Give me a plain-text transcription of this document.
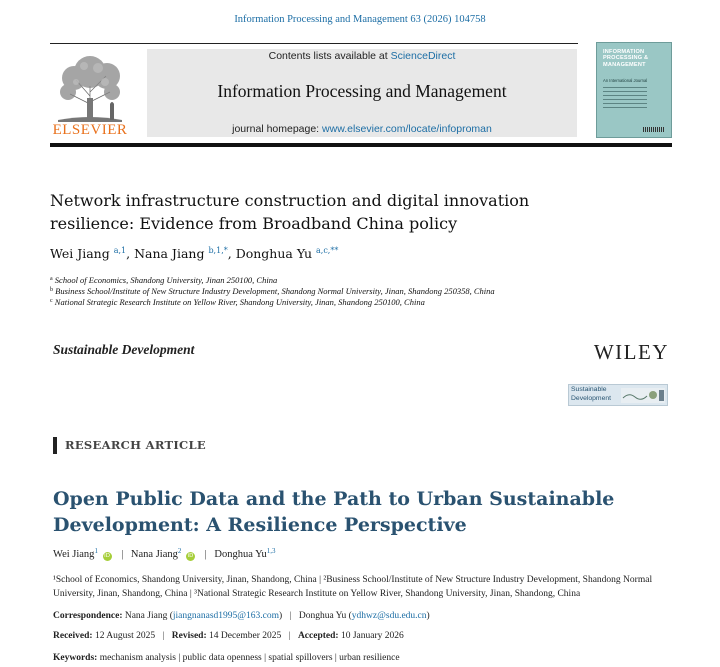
Information Processing and Management 63 (2026) 104758
ELSEVIER
Contents lists available at ScienceDirect
Information Processing and Management
journal homepage: www.elsevier.com/locate/infoproman
INFORMATION PROCESSING & MANAGEMENT
An International Journal
Network infrastructure construction and digital innovation resilience: Evidence from Broadband China policy
Wei Jiang $^{a,1}$, Nana Jiang $^{b,1,*}$, Donghua Yu $^{a,c,**}$
$^a$ School of Economics, Shandong University, Jinan 250100, China
$^b$ Business School/Institute of New Structure Industry Development, Shandong Normal University, Jinan, Shandong 250358, China
$^c$ National Strategic Research Institute on Yellow River, Shandong University, Jinan, Shandong 250100, China
Sustainable Development	WILEY
Sustainable Development
RESEARCH ARTICLE
Open Public Data and the Path to Urban Sustainable Development: A Resilience Perspective
Wei Jiang$^1$ iD | Nana Jiang$^2$ iD | Donghua Yu$^{1,3}$
¹School of Economics, Shandong University, Jinan, Shandong, China | ²Business School/Institute of New Structure Industry Development, Shandong Normal University, Jinan, Shandong, China | ³National Strategic Research Institute on Yellow River, Shandong University, Jinan, Shandong, China
Correspondence: Nana Jiang (jiangnanasd1995@163.com) | Donghua Yu (ydhwz@sdu.edu.cn)
Received: 12 August 2025 | Revised: 14 December 2025 | Accepted: 10 January 2026
Keywords: mechanism analysis | public data openness | spatial spillovers | urban resilience
